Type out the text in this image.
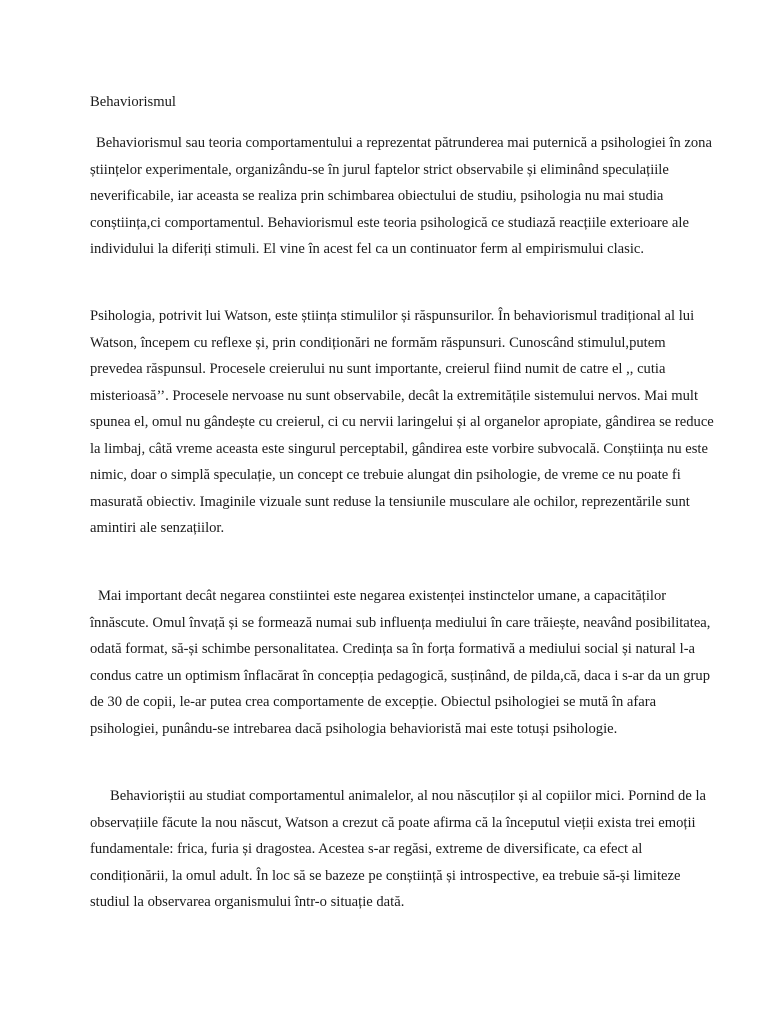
Behaviorismul

Behaviorismul sau teoria comportamentului a reprezentat pătrunderea mai puternică a psihologiei în zona științelor experimentale, organizându-se în jurul faptelor strict observabile și eliminând speculațiile neverificabile, iar aceasta se realiza prin schimbarea obiectului de studiu, psihologia nu mai studia conștiința,ci comportamentul. Behaviorismul este teoria psihologică ce studiază reacțiile exterioare ale individului la diferiți stimuli. El vine în acest fel ca un continuator ferm al empirismului clasic.

Psihologia, potrivit lui Watson, este știința stimulilor și răspunsurilor. În behaviorismul tradițional al lui Watson, începem cu reflexe și, prin condiționări ne formăm răspunsuri. Cunoscând stimulul,putem prevedea răspunsul. Procesele creierului nu sunt importante, creierul fiind numit de catre el ,, cutia misterioasă’’. Procesele nervoase nu sunt observabile, decât la extremitățile sistemului nervos. Mai mult spunea el, omul nu gândește cu creierul, ci cu nervii laringelui și al organelor apropiate, gândirea se reduce la limbaj, câtă vreme aceasta este singurul perceptabil, gândirea este vorbire subvocală. Conștiința nu este nimic, doar o simplă speculație, un concept ce trebuie alungat din psihologie, de vreme ce nu poate fi masurată obiectiv. Imaginile vizuale sunt reduse la tensiunile musculare ale ochilor, reprezentările sunt amintiri ale senzațiilor.

Mai important decât negarea constiintei este negarea existenței instinctelor umane, a capacităților înnăscute. Omul învață și se formează numai sub influența mediului în care trăiește, neavând posibilitatea, odată format, să-și schimbe personalitatea. Credința sa în forța formativă a mediului social și natural l-a condus catre un optimism înflacărat în concepția pedagogică, susținând, de pilda,că, daca i s-ar da un grup de 30 de copii, le-ar putea crea comportamente de excepție. Obiectul psihologiei se mută în afara psihologiei, punându-se intrebarea dacă psihologia behavioristă mai este totuși psihologie.

Behavioriștii au studiat comportamentul animalelor, al nou născuților și al copiilor mici. Pornind de la observațiile făcute la nou născut, Watson a crezut că poate afirma că la începutul vieții exista trei emoții fundamentale: frica, furia și dragostea. Acestea s-ar regăsi, extreme de diversificate, ca efect al condiționării, la omul adult. În loc să se bazeze pe conștiință și introspective, ea trebuie să-și limiteze studiul la observarea organismului într-o situație dată.
